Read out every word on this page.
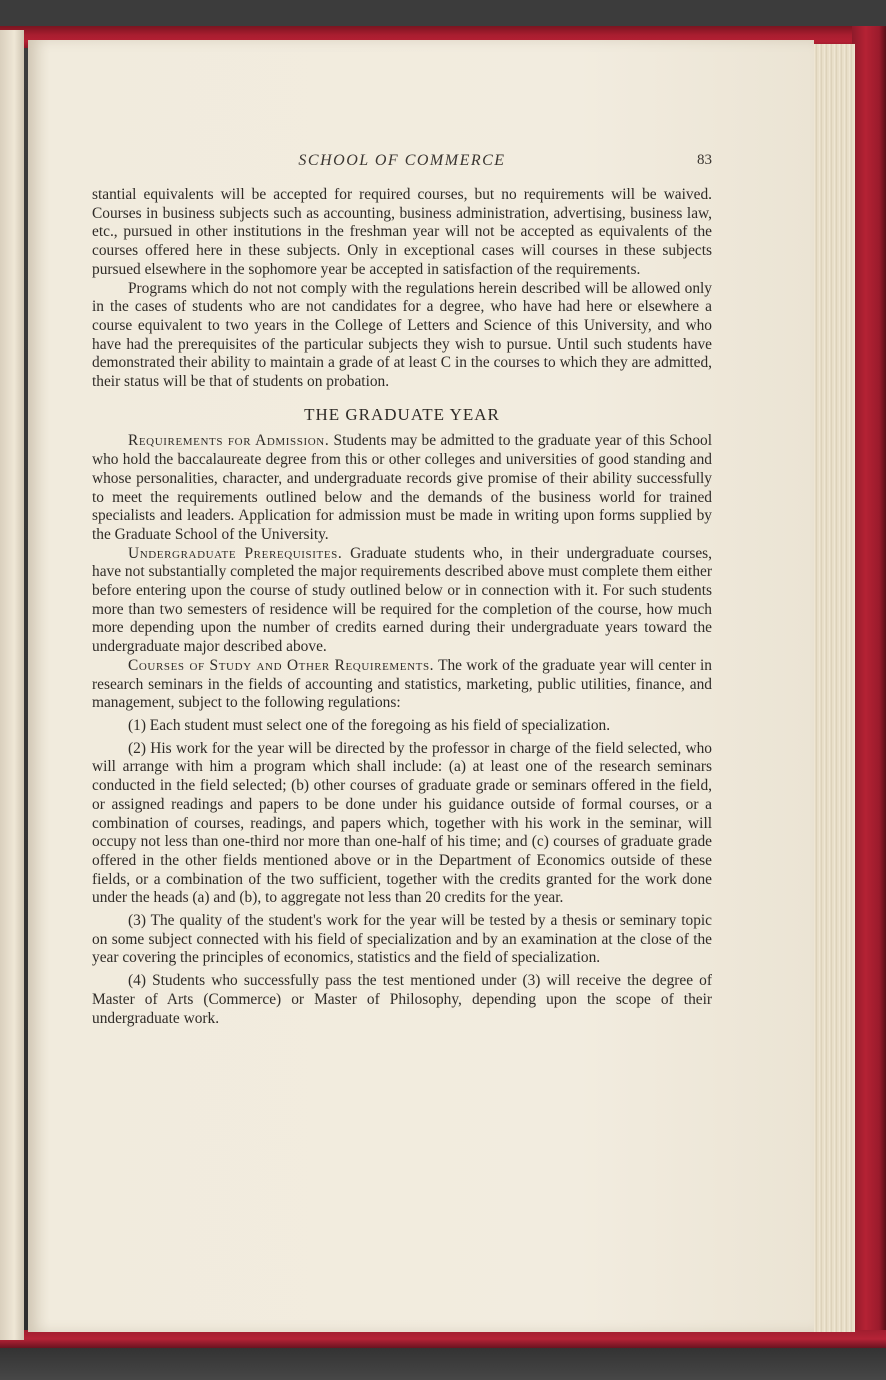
SCHOOL OF COMMERCE	83

stantial equivalents will be accepted for required courses, but no requirements will be waived. Courses in business subjects such as accounting, business administration, advertising, business law, etc., pursued in other institutions in the freshman year will not be accepted as equivalents of the courses offered here in these subjects. Only in exceptional cases will courses in these subjects pursued elsewhere in the sophomore year be accepted in satisfaction of the requirements.

Programs which do not not comply with the regulations herein described will be allowed only in the cases of students who are not candidates for a degree, who have had here or elsewhere a course equivalent to two years in the College of Letters and Science of this University, and who have had the prerequisites of the particular subjects they wish to pursue. Until such students have demonstrated their ability to maintain a grade of at least C in the courses to which they are admitted, their status will be that of students on probation.

THE GRADUATE YEAR

Requirements for Admission. Students may be admitted to the graduate year of this School who hold the baccalaureate degree from this or other colleges and universities of good standing and whose personalities, character, and undergraduate records give promise of their ability successfully to meet the requirements outlined below and the demands of the business world for trained specialists and leaders. Application for admission must be made in writing upon forms supplied by the Graduate School of the University.

Undergraduate Prerequisites. Graduate students who, in their undergraduate courses, have not substantially completed the major requirements described above must complete them either before entering upon the course of study outlined below or in connection with it. For such students more than two semesters of residence will be required for the completion of the course, how much more depending upon the number of credits earned during their undergraduate years toward the undergraduate major described above.

Courses of Study and Other Requirements. The work of the graduate year will center in research seminars in the fields of accounting and statistics, marketing, public utilities, finance, and management, subject to the following regulations:

(1) Each student must select one of the foregoing as his field of specialization.

(2) His work for the year will be directed by the professor in charge of the field selected, who will arrange with him a program which shall include: (a) at least one of the research seminars conducted in the field selected; (b) other courses of graduate grade or seminars offered in the field, or assigned readings and papers to be done under his guidance outside of formal courses, or a combination of courses, readings, and papers which, together with his work in the seminar, will occupy not less than one-third nor more than one-half of his time; and (c) courses of graduate grade offered in the other fields mentioned above or in the Department of Economics outside of these fields, or a combination of the two sufficient, together with the credits granted for the work done under the heads (a) and (b), to aggregate not less than 20 credits for the year.

(3) The quality of the student's work for the year will be tested by a thesis or seminary topic on some subject connected with his field of specialization and by an examination at the close of the year covering the principles of economics, statistics and the field of specialization.

(4) Students who successfully pass the test mentioned under (3) will receive the degree of Master of Arts (Commerce) or Master of Philosophy, depending upon the scope of their undergraduate work.
